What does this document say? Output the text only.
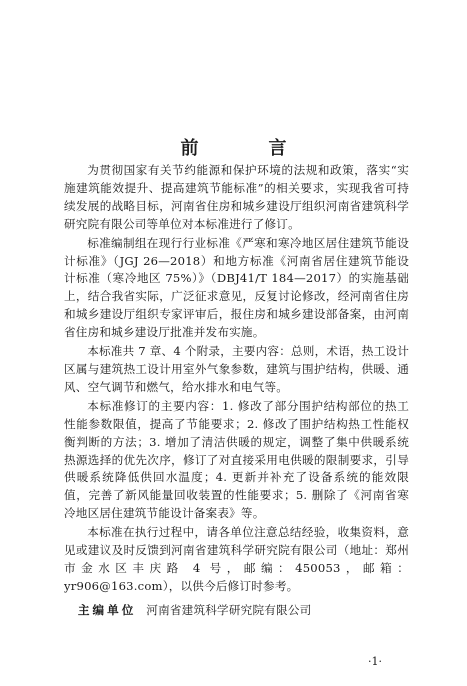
前　言

为贯彻国家有关节约能源和保护环境的法规和政策，落实“实施建筑能效提升、提高建筑节能标准”的相关要求，实现我省可持续发展的战略目标，河南省住房和城乡建设厅组织河南省建筑科学研究院有限公司等单位对本标准进行了修订。

标准编制组在现行行业标准《严寒和寒冷地区居住建筑节能设计标准》（JGJ 26—2018）和地方标准《河南省居住建筑节能设计标准（寒冷地区 75%）》（DBJ41/T 184—2017）的实施基础上，结合我省实际，广泛征求意见，反复讨论修改，经河南省住房和城乡建设厅组织专家评审后，报住房和城乡建设部备案，由河南省住房和城乡建设厅批准并发布实施。

本标准共 7 章、4 个附录，主要内容：总则，术语，热工设计区属与建筑热工设计用室外气象参数，建筑与围护结构，供暖、通风、空气调节和燃气，给水排水和电气等。

本标准修订的主要内容：1. 修改了部分围护结构部位的热工性能参数限值，提高了节能要求；2. 修改了围护结构热工性能权衡判断的方法；3. 增加了清洁供暖的规定，调整了集中供暖系统热源选择的优先次序，修订了对直接采用电供暖的限制要求，引导供暖系统降低供回水温度；4. 更新并补充了设备系统的能效限值，完善了新风能量回收装置的性能要求；5. 删除了《河南省寒冷地区居住建筑节能设计备案表》等。

本标准在执行过程中，请各单位注意总结经验，收集资料，意见或建议及时反馈到河南省建筑科学研究院有限公司（地址：郑州市金水区丰庆路 4 号，邮编：450053，邮箱：yr906@163.com），以供今后修订时参考。

主编单位 河南省建筑科学研究院有限公司

·1·
